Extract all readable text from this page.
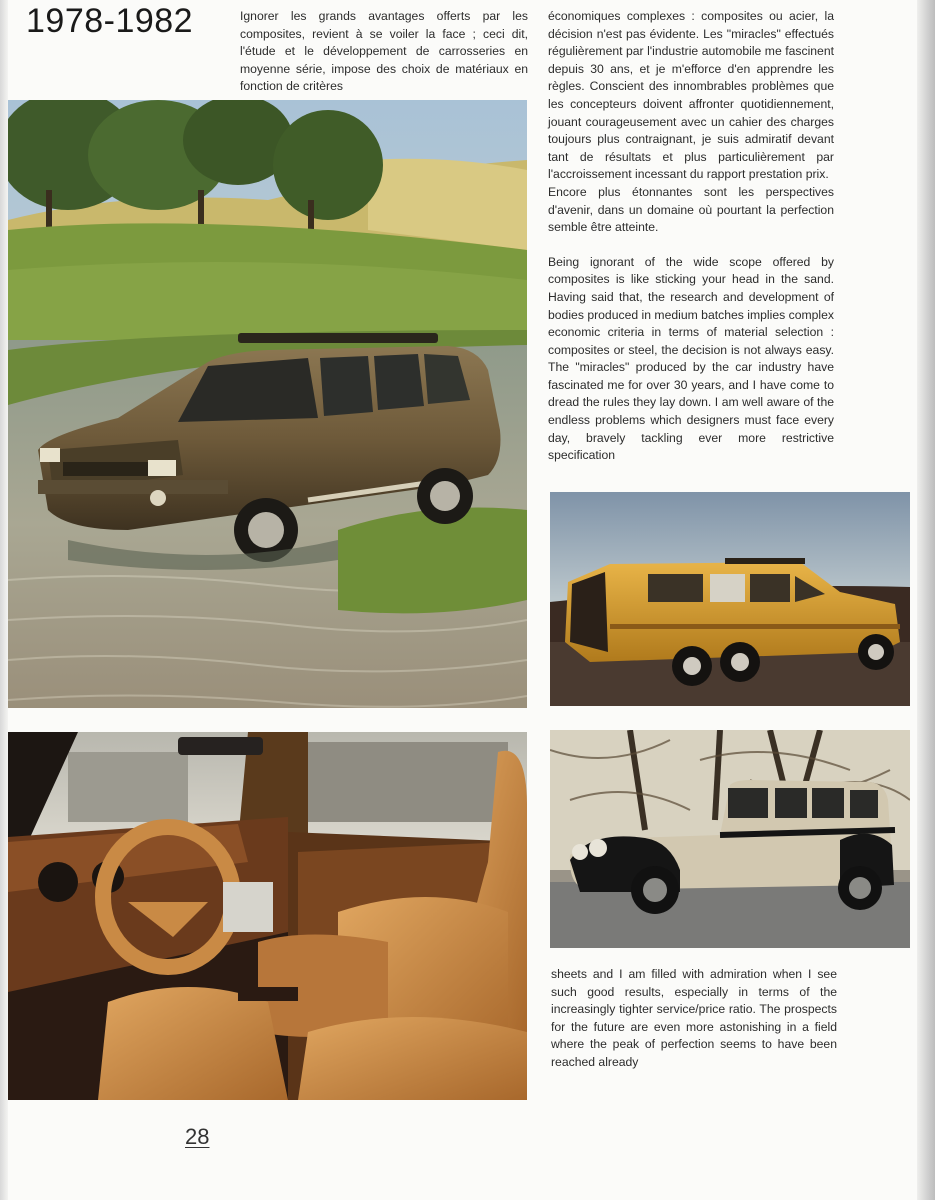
1978-1982	Ignorer les grands avantages offerts par les composites, revient à se voiler la face ; ceci dit, l'étude et le développement de carrosseries en moyenne série, impose des choix de matériaux en fonction de critères

économiques complexes : composites ou acier, la décision n'est pas évidente. Les "miracles" effectués régulièrement par l'industrie automobile me fascinent depuis 30 ans, et je m'efforce d'en apprendre les règles. Conscient des innombrables problèmes que les concepteurs doivent affronter quotidiennement, jouant courageusement avec un cahier des charges toujours plus contraignant, je suis admiratif devant tant de résultats et plus particulièrement par l'accroissement incessant du rapport prestation prix.

Encore plus étonnantes sont les perspectives d'avenir, dans un domaine où pourtant la perfection semble être atteinte.

Being ignorant of the wide scope offered by composites is like sticking your head in the sand. Having said that, the research and development of bodies produced in medium batches implies complex economic criteria in terms of material selection : composites or steel, the decision is not always easy. The "miracles" produced by the car industry have fascinated me for over 30 years, and I have come to dread the rules they lay down. I am well aware of the endless problems which designers must face every day, bravely tackling ever more restrictive specification

sheets and I am filled with admiration when I see such good results, especially in terms of the increasingly tighter service/price ratio. The prospects for the future are even more astonishing in a field where the peak of perfection seems to have been reached already

28
